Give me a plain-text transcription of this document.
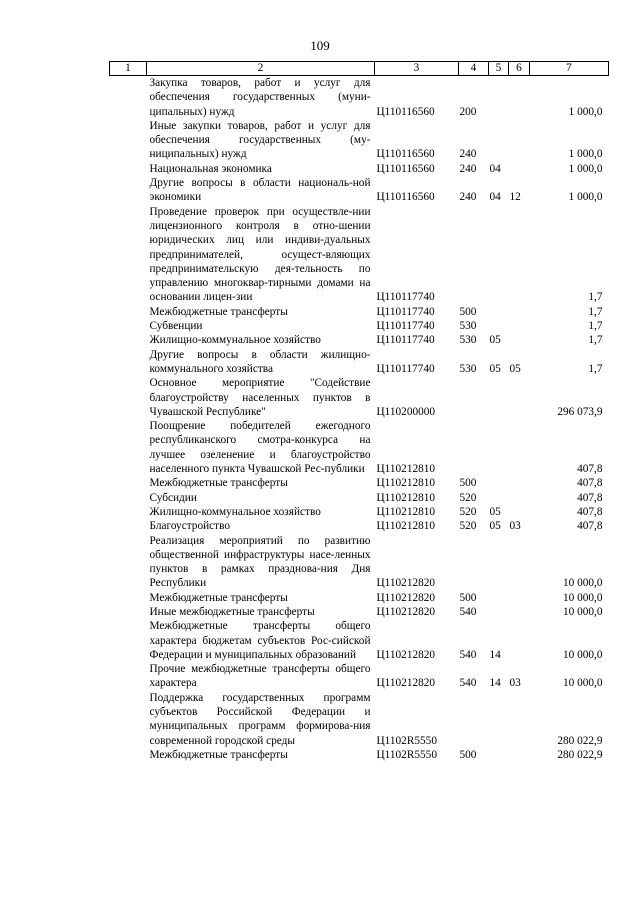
109
1	2	3	4	5	6	7
	Закупка товаров, работ и услуг для обеспечения государственных (муни-ципальных) нужд	Ц110116560	200			1 000,0
	Иные закупки товаров, работ и услуг для обеспечения государственных (му-ниципальных) нужд	Ц110116560	240			1 000,0
	Национальная экономика	Ц110116560	240	04		1 000,0
	Другие вопросы в области националь-ной экономики	Ц110116560	240	04	12	1 000,0
	Проведение проверок при осуществле-нии лицензионного контроля в отно-шении юридических лиц или индиви-дуальных предпринимателей, осущест-вляющих предпринимательскую дея-тельность по управлению многоквар-тирными домами на основании лицен-зии	Ц110117740				1,7
	Межбюджетные трансферты	Ц110117740	500			1,7
	Субвенции	Ц110117740	530			1,7
	Жилищно-коммунальное хозяйство	Ц110117740	530	05		1,7
	Другие вопросы в области жилищно-коммунального хозяйства	Ц110117740	530	05	05	1,7
	Основное мероприятие "Содействие благоустройству населенных пунктов в Чувашской Республике"	Ц110200000				296 073,9
	Поощрение победителей ежегодного республиканского смотра-конкурса на лучшее озеленение и благоустройство населенного пункта Чувашской Рес-публики	Ц110212810				407,8
	Межбюджетные трансферты	Ц110212810	500			407,8
	Субсидии	Ц110212810	520			407,8
	Жилищно-коммунальное хозяйство	Ц110212810	520	05		407,8
	Благоустройство	Ц110212810	520	05	03	407,8
	Реализация мероприятий по развитию общественной инфраструктуры насе-ленных пунктов в рамках празднова-ния Дня Республики	Ц110212820				10 000,0
	Межбюджетные трансферты	Ц110212820	500			10 000,0
	Иные межбюджетные трансферты	Ц110212820	540			10 000,0
	Межбюджетные трансферты общего характера бюджетам субъектов Рос-сийской Федерации и муниципальных образований	Ц110212820	540	14		10 000,0
	Прочие межбюджетные трансферты общего характера	Ц110212820	540	14	03	10 000,0
	Поддержка государственных программ субъектов Российской Федерации и муниципальных программ формирова-ния современной городской среды	Ц1102R5550				280 022,9
	Межбюджетные трансферты	Ц1102R5550	500			280 022,9
